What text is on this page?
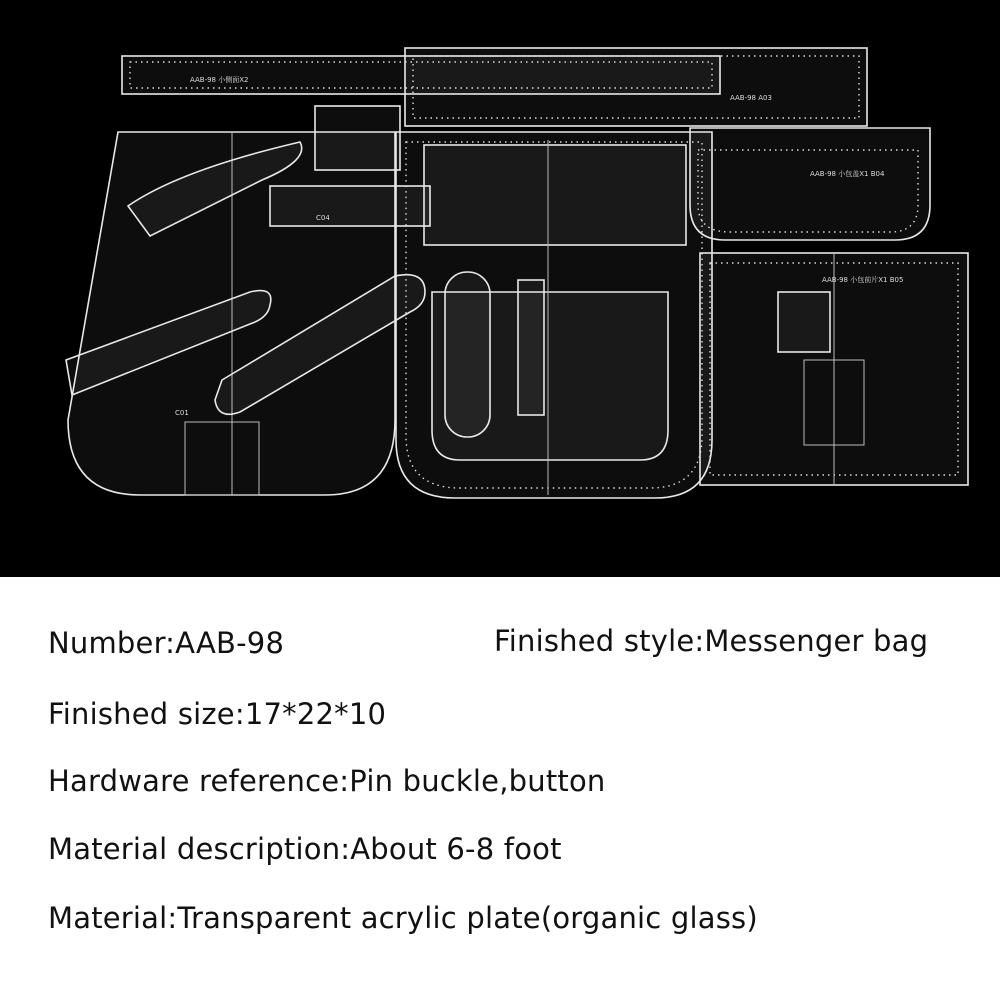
AAB-98 小侧面X2
AAB-98 A03
C01
C04
AAB-98 小包盖X1 B04
AAB-98 小包前片X1 B05
Number:AAB-98	Finished style:Messenger bag
Finished size:17*22*10
Hardware reference:Pin buckle,button
Material description:About 6-8 foot
Material:Transparent acrylic plate(organic glass)
